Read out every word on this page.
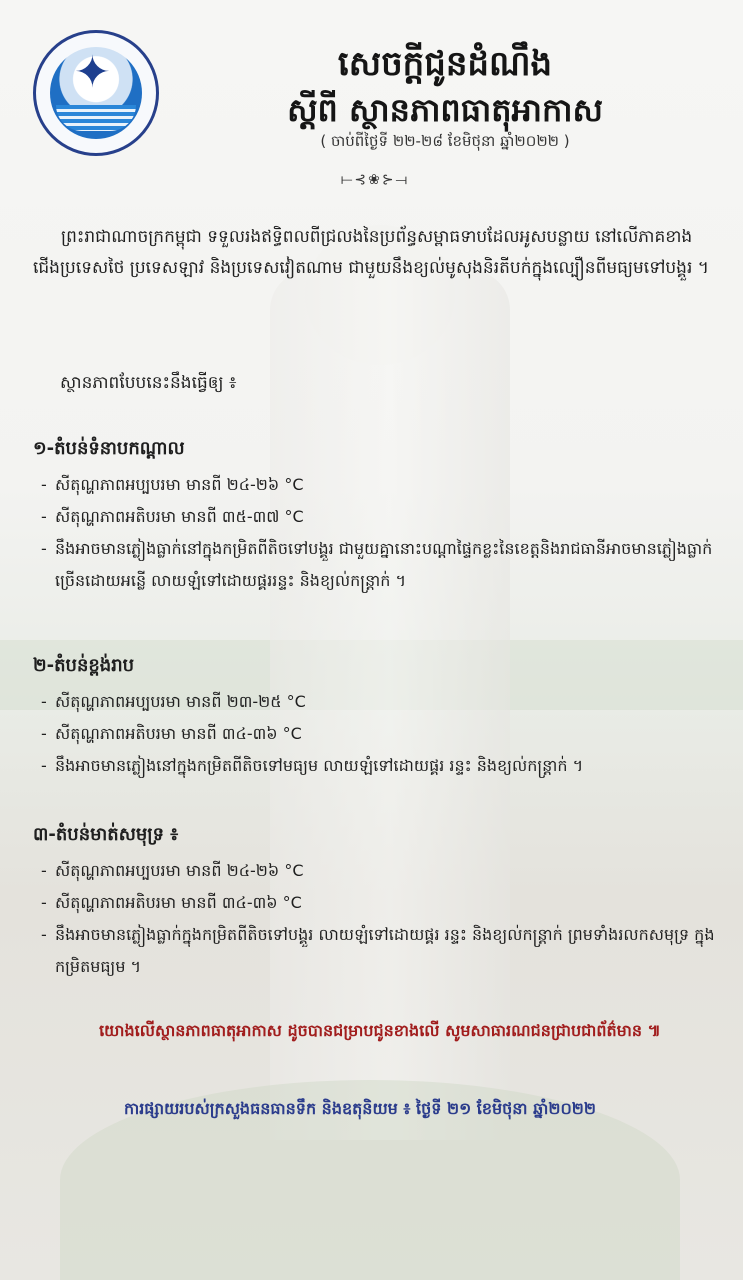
✦	សេចក្ដីជូនដំណឹង
ស្ដីពី ស្ថានភាពធាតុអាកាស
( ចាប់ពីថ្ងៃទី ២២-២៨ ខែមិថុនា ឆ្នាំ២០២២ )
⟝⊰❀⊱⟞
ព្រះរាជាណាចក្រកម្ពុជា ទទួលរងឥទ្ធិពលពីជ្រលងនៃប្រព័ន្ធសម្ពាធទាបដែលអូសបន្លាយ នៅលើភាគខាងជើងប្រទេសថៃ ប្រទេសឡាវ និងប្រទេសវៀតណាម ជាមួយនឹងខ្យល់មូសុងនិរតីបក់ក្នុងល្បឿនពីមធ្យមទៅបង្គួរ ។
ស្ថានភាពបែបនេះនឹងធ្វើឲ្យ ៖
១-តំបន់ទំនាបកណ្ដាល
- សីតុណ្ហភាពអប្បបរមា មានពី ២៤-២៦ °C
- សីតុណ្ហភាពអតិបរមា មានពី ៣៥-៣៧ °C
- នឹងអាចមានភ្លៀងធ្លាក់នៅក្នុងកម្រិតពីតិចទៅបង្គួរ ជាមួយគ្នានោះបណ្ដាផ្ទៃកខ្លះនៃខេត្តនិងរាជធានីអាចមានភ្លៀងធ្លាក់ច្រើនដោយអន្លើ លាយឡំទៅដោយផ្គររន្ទះ និងខ្យល់កន្ត្រាក់ ។
២-តំបន់ខ្ពង់រាប
- សីតុណ្ហភាពអប្បបរមា មានពី ២៣-២៥ °C
- សីតុណ្ហភាពអតិបរមា មានពី ៣៤-៣៦ °C
- នឹងអាចមានភ្លៀងនៅក្នុងកម្រិតពីតិចទៅមធ្យម លាយឡំទៅដោយផ្គរ រន្ទះ និងខ្យល់កន្ត្រាក់ ។
៣-តំបន់មាត់សមុទ្រ ៖
- សីតុណ្ហភាពអប្បបរមា មានពី ២៤-២៦ °C
- សីតុណ្ហភាពអតិបរមា មានពី ៣៤-៣៦ °C
- នឹងអាចមានភ្លៀងធ្លាក់ក្នុងកម្រិតពីតិចទៅបង្គួរ លាយឡំទៅដោយផ្គរ រន្ទះ និងខ្យល់កន្ត្រាក់ ព្រមទាំងរលកសមុទ្រ ក្នុងកម្រិតមធ្យម ។
យោងលើស្ថានភាពធាតុអាកាស ដូចបានជម្រាបជូនខាងលើ សូមសាធារណជនជ្រាបជាព័ត៌មាន ៕
ការផ្សាយរបស់ក្រសួងធនធានទឹក និងឧតុនិយម ៖ ថ្ងៃទី ២១ ខែមិថុនា ឆ្នាំ២០២២
